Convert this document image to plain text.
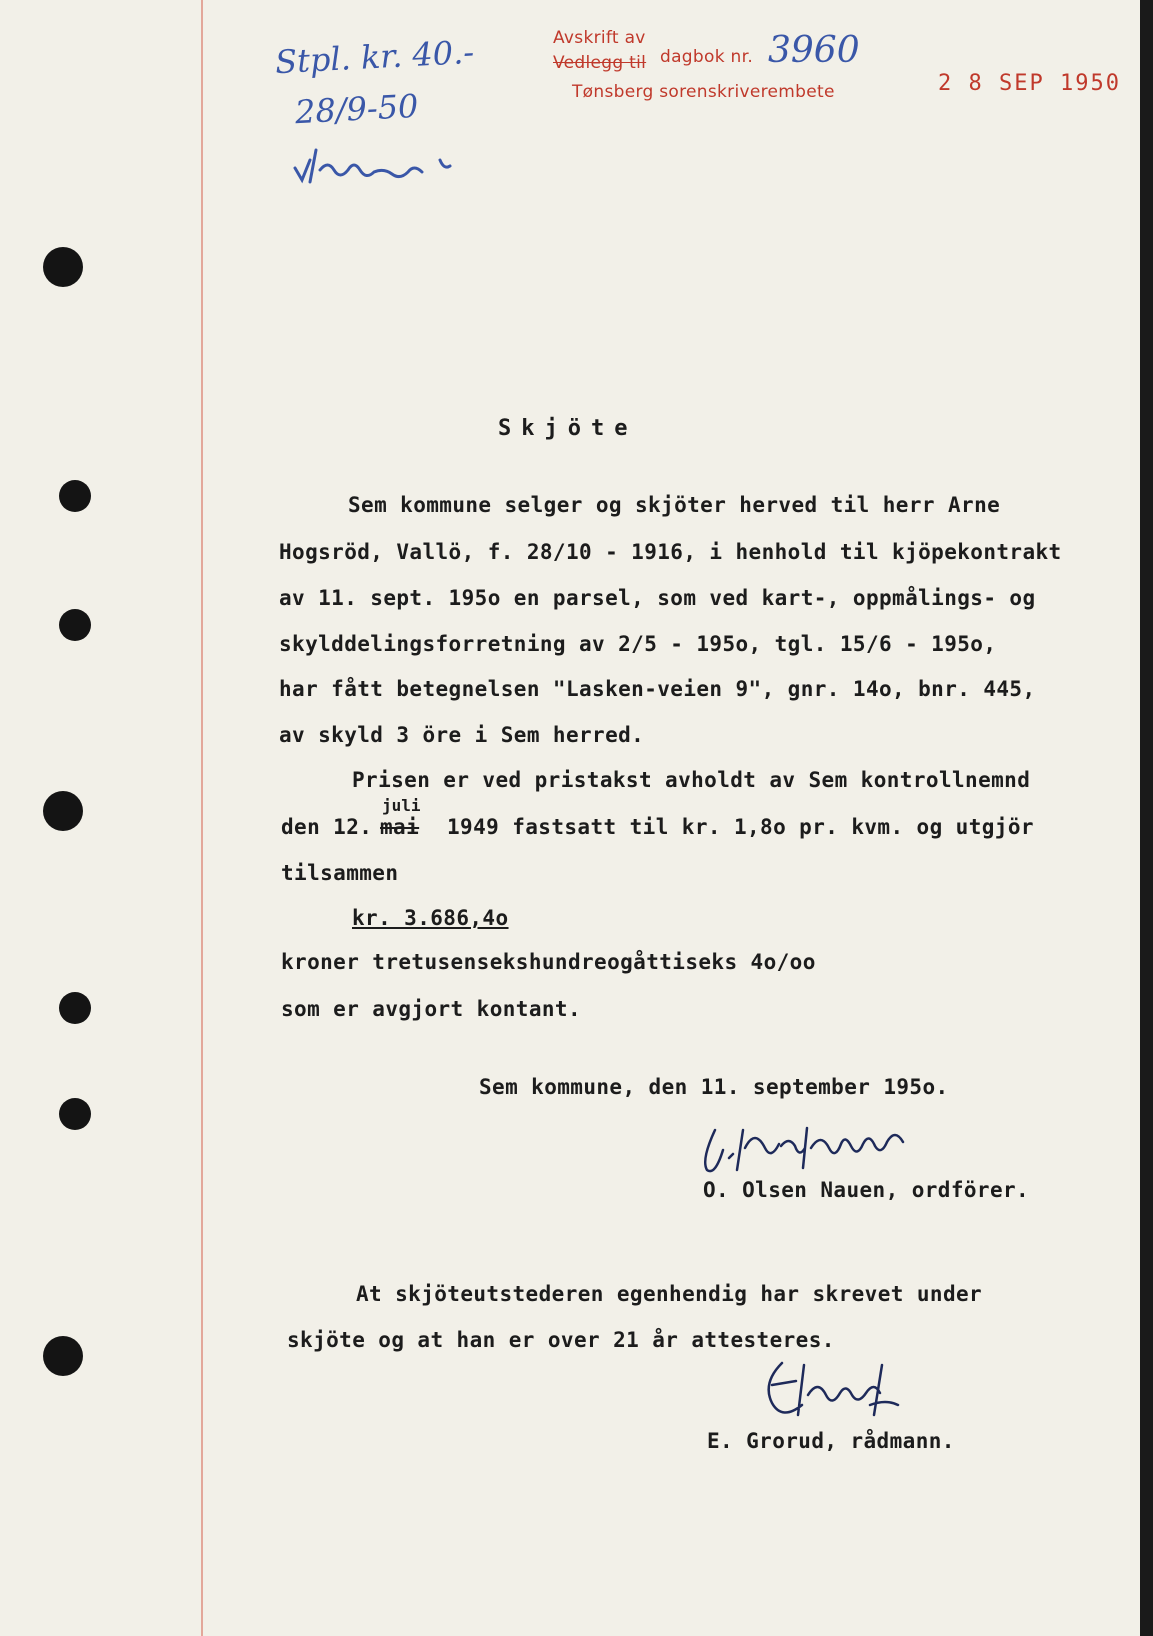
Stpl. kr. 40.-
28/9-50
Avskrift av
Vedlegg til dagbok nr. 3960
Tønsberg sorenskriverembete	2 8 SEP 1950
Skjöte
Sem kommune selger og skjöter herved til herr Arne
Hogsröd, Vallö, f. 28/10 - 1916, i henhold til kjöpekontrakt
av 11. sept. 195o en parsel, som ved kart-, oppmålings- og
skylddelingsforretning av 2/5 - 195o, tgl. 15/6 - 195o,
har fått betegnelsen "Lasken-veien 9", gnr. 14o, bnr. 445,
av skyld 3 öre i Sem herred.
Prisen er ved pristakst avholdt av Sem kontrollnemnd
juli
den 12. mai 1949 fastsatt til kr. 1,8o pr. kvm. og utgjör
tilsammen
kr. 3.686,4o
kroner tretusensekshundreogåttiseks 4o/oo
som er avgjort kontant.
Sem kommune, den 11. september 195o.
O. Olsen Nauen, ordförer.
At skjöteutstederen egenhendig har skrevet under
skjöte og at han er over 21 år attesteres.
E. Grorud, rådmann.
